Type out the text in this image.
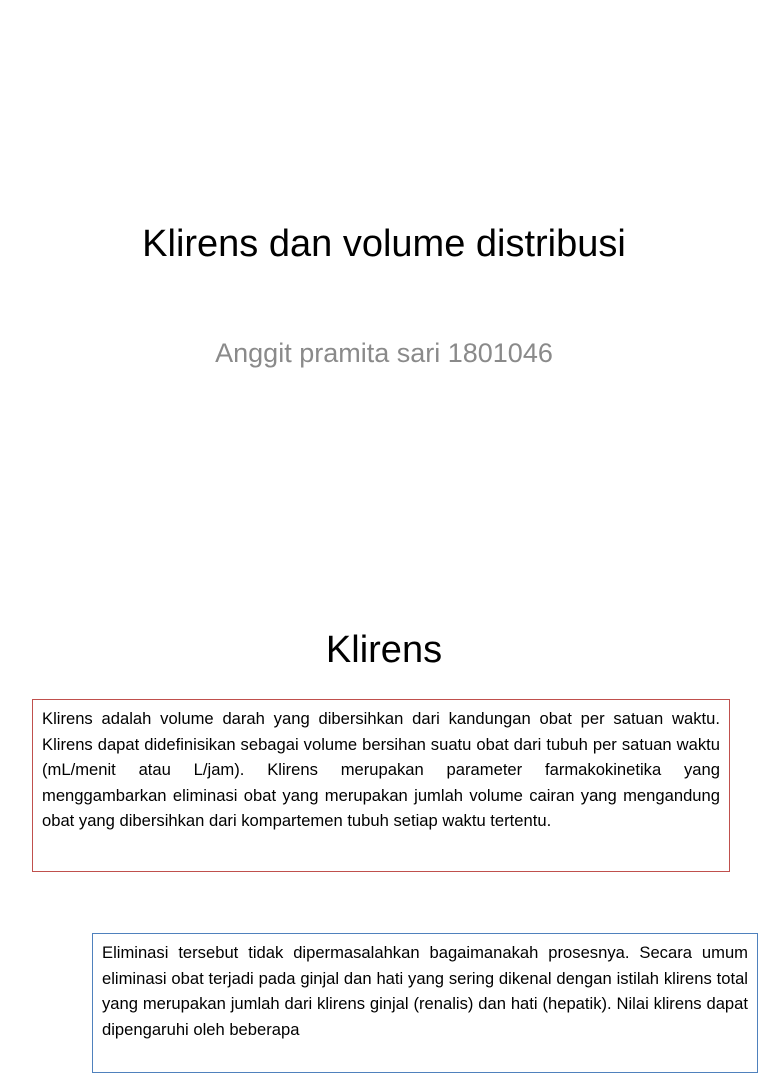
Klirens dan volume distribusi
Anggit pramita sari 1801046
Klirens
Klirens adalah volume darah yang dibersihkan dari kandungan obat per satuan waktu. Klirens dapat didefinisikan sebagai volume bersihan suatu obat dari tubuh per satuan waktu (mL/menit atau L/jam). Klirens merupakan parameter farmakokinetika yang menggambarkan eliminasi obat yang merupakan jumlah volume cairan yang mengandung obat yang dibersihkan dari kompartemen tubuh setiap waktu tertentu.
Eliminasi tersebut tidak dipermasalahkan bagaimanakah prosesnya. Secara umum eliminasi obat terjadi pada ginjal dan hati yang sering dikenal dengan istilah klirens total yang merupakan jumlah dari klirens ginjal (renalis) dan hati (hepatik). Nilai klirens dapat dipengaruhi oleh beberapa
